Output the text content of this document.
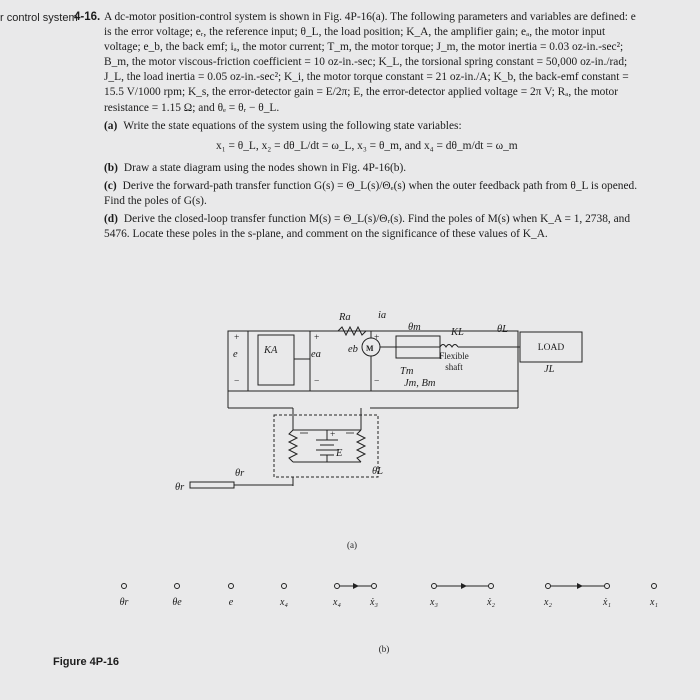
r control system
4-16. A dc-motor position-control system is shown in Fig. 4P-16(a). The following parameters and variables are defined: e is the error voltage; eᵣ, the reference input; θ_L, the load position; K_A, the amplifier gain; eₐ, the motor input voltage; e_b, the back emf; iₐ, the motor current; T_m, the motor torque; J_m, the motor inertia = 0.03 oz-in.-sec²; B_m, the motor viscous-friction coefficient = 10 oz-in.-sec; K_L, the torsional spring constant = 50,000 oz-in./rad; J_L, the load inertia = 0.05 oz-in.-sec²; K_i, the motor torque constant = 21 oz-in./A; K_b, the back-emf constant = 15.5 V/1000 rpm; K_s, the error-detector gain = E/2π; E, the error-detector applied voltage = 2π V; Rₐ, the motor resistance = 1.15 Ω; and θₑ = θᵣ − θ_L.

(a) Write the state equations of the system using the following state variables:

x₁ = θ_L, x₂ = dθ_L/dt = ω_L, x₃ = θ_m, and x₄ = dθ_m/dt = ω_m

(b) Draw a state diagram using the nodes shown in Fig. 4P-16(b).

(c) Derive the forward-path transfer function G(s) = Θ_L(s)/Θₑ(s) when the outer feedback path from θ_L is opened. Find the poles of G(s).

(d) Derive the closed-loop transfer function M(s) = Θ_L(s)/Θᵣ(s). Find the poles of M(s) when K_A = 1, 2738, and 5476. Locate these poles in the s-plane, and comment on the significance of these values of K_A.

Ra	ia
θm	KL	θL
KA
e	ea	eb
JL
Tm
Jm, Bm
E
θr	θL
θr
+	+	+
−	−	−
+
M	LOAD
Flexible
shaft
(a)
θr	θe	e	x₄	x₄	ẋ₃	x₃	ẋ₂	x₂	ẋ₁	x₁
(b)
Figure 4P-16
